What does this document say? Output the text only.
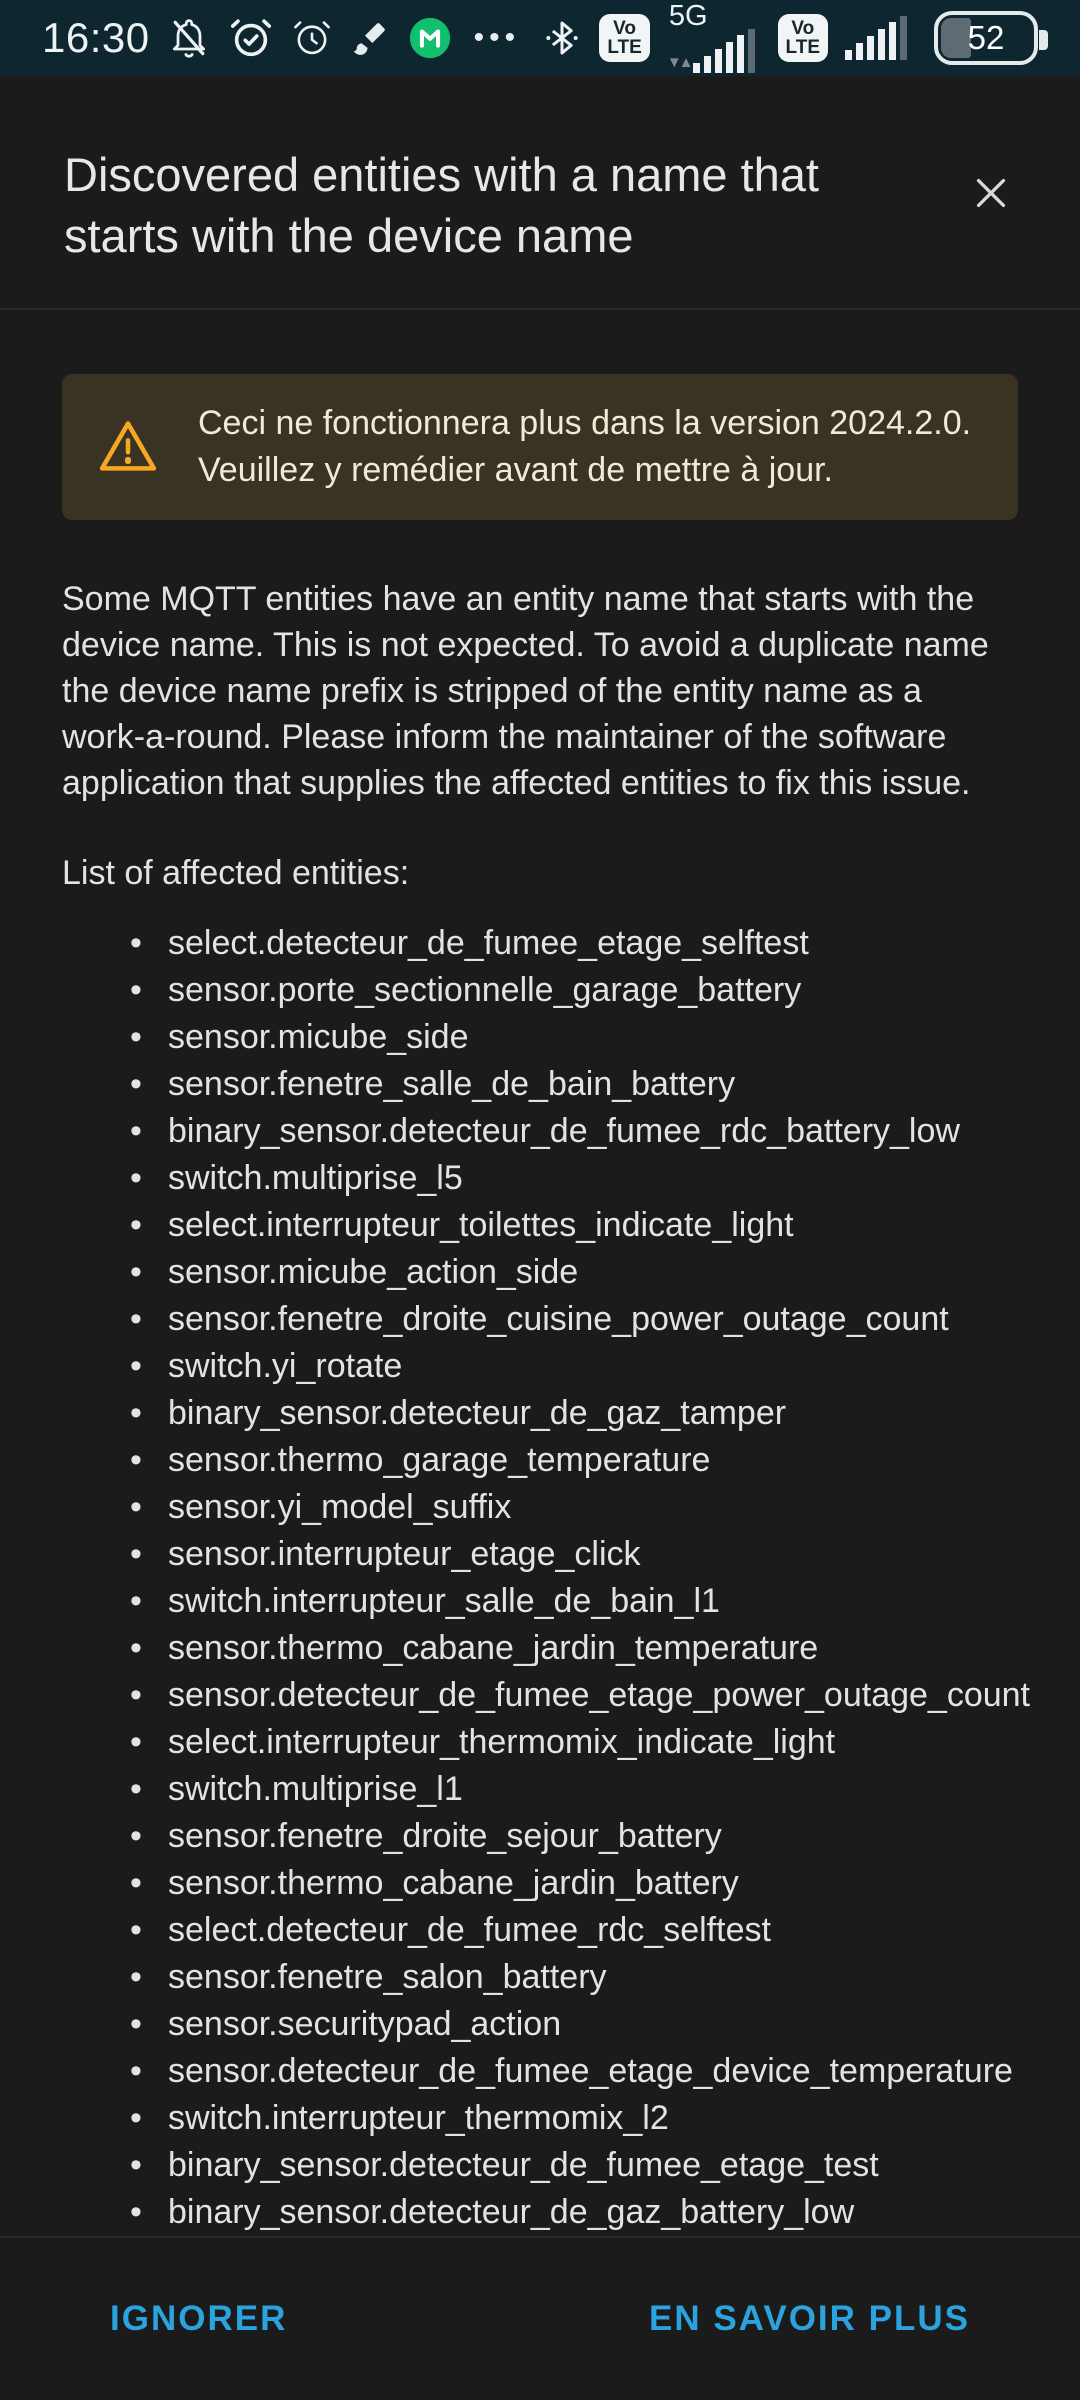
16:30	•••	Vo
LTE
5G
▼▲
Vo
LTE	52
Discovered entities with a name that
starts with the device name
Ceci ne fonctionnera plus dans la version 2024.2.0.
Veuillez y remédier avant de mettre à jour.
Some MQTT entities have an entity name that starts with the
device name. This is not expected. To avoid a duplicate name
the device name prefix is stripped of the entity name as a
work-a-round. Please inform the maintainer of the software
application that supplies the affected entities to fix this issue.

List of affected entities:

• select.detecteur_de_fumee_etage_selftest
• sensor.porte_sectionnelle_garage_battery
• sensor.micube_side
• sensor.fenetre_salle_de_bain_battery
• binary_sensor.detecteur_de_fumee_rdc_battery_low
• switch.multiprise_l5
• select.interrupteur_toilettes_indicate_light
• sensor.micube_action_side
• sensor.fenetre_droite_cuisine_power_outage_count
• switch.yi_rotate
• binary_sensor.detecteur_de_gaz_tamper
• sensor.thermo_garage_temperature
• sensor.yi_model_suffix
• sensor.interrupteur_etage_click
• switch.interrupteur_salle_de_bain_l1
• sensor.thermo_cabane_jardin_temperature
• sensor.detecteur_de_fumee_etage_power_outage_count
• select.interrupteur_thermomix_indicate_light
• switch.multiprise_l1
• sensor.fenetre_droite_sejour_battery
• sensor.thermo_cabane_jardin_battery
• select.detecteur_de_fumee_rdc_selftest
• sensor.fenetre_salon_battery
• sensor.securitypad_action
• sensor.detecteur_de_fumee_etage_device_temperature
• switch.interrupteur_thermomix_l2
• binary_sensor.detecteur_de_fumee_etage_test
• binary_sensor.detecteur_de_gaz_battery_low
IGNORER	EN SAVOIR PLUS
